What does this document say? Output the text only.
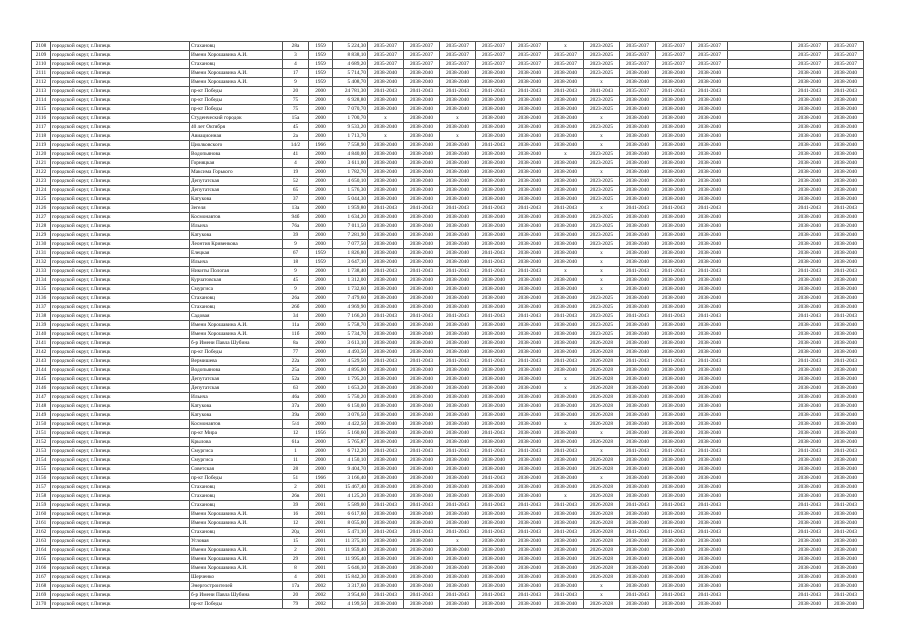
2108	городской округ, г.Липецк	Стахановц	28а	1959	5 224,30	2035-2037	2035-2037	2035-2037	2035-2037	2035-2037	х	2023-2025	2035-2037	2035-2037	2035-2037		2035-2037	2035-2037
2109	городской округ, г.Липецк	Имени Хорошавина А.И.	3	1959	8 838,10	2035-2037	2035-2037	2035-2037	2035-2037	2035-2037	2035-2037	2023-2025	2035-2037	2035-2037	2035-2037		2035-2037	2035-2037
2110	городской округ, г.Липецк	Стахановц	4	1959	4 689,20	2035-2037	2035-2037	2035-2037	2035-2037	2035-2037	2035-2037	2023-2025	2035-2037	2035-2037	2035-2037		2035-2037	2035-2037
2111	городской округ, г.Липецк	Имени Хорошавина А.И.	17	1959	5 714,70	2038-2040	2038-2040	2038-2040	2038-2040	2038-2040	2038-2040	2023-2025	2038-2040	2038-2040	2038-2040		2038-2040	2038-2040
2112	городской округ, г.Липецк	Имени Хорошавина А.И.	9	1959	5 408,70	2038-2040	2038-2040	2038-2040	2038-2040	2038-2040	2038-2040	х	2038-2040	2038-2040	2038-2040		2038-2040	2038-2040
2113	городской округ, г.Липецк	пр-кт Победы	20	2000	24 781,30	2041-2043	2041-2043	2041-2043	2041-2043	2041-2043	2041-2043	2041-2043	2035-2037	2041-2043	2041-2043		2041-2043	2041-2043
2114	городской округ, г.Липецк	пр-кт Победы	75	2000	6 928,80	2038-2040	2038-2040	2038-2040	2038-2040	2038-2040	2038-2040	2023-2025	2038-2040	2038-2040	2038-2040		2038-2040	2038-2040
2115	городской округ, г.Липецк	пр-кт Победы	75	2000	7 070,70	2038-2040	2038-2040	2038-2040	2038-2040	2038-2040	2038-2040	2023-2025	2038-2040	2038-2040	2038-2040		2038-2040	2038-2040
2116	городской округ, г.Липецк	Студенческий городок	15а	2000	1 700,70	х	2038-2040	х	2038-2040	2038-2040	2038-2040	х	2038-2040	2038-2040	2038-2040		2038-2040	2038-2040
2117	городской округ, г.Липецк	40 лет Октября	45	2000	9 533,20	2038-2040	2038-2040	2038-2040	2038-2040	2038-2040	2038-2040	2023-2025	2038-2040	2038-2040	2038-2040		2038-2040	2038-2040
2118	городской округ, г.Липецк	Авиационная	2а	2000	1 713,70	х	2038-2040	х	2038-2040	2038-2040	2038-2040	х	2038-2040	2038-2040	2038-2040		2038-2040	2038-2040
2119	городской округ, г.Липецк	Циолковского	14/2	1966	7 558,90	2038-2040	2038-2040	2038-2040	2041-2043	2038-2040	2038-2040	х	2038-2040	2038-2040	2038-2040		2038-2040	2038-2040
2120	городской округ, г.Липецк	Водопьянова	41	2000	4 840,00	2038-2040	2038-2040	2038-2040	2038-2040	2038-2040	х	2023-2025	2038-2040	2038-2040	2038-2040		2038-2040	2038-2040
2121	городской округ, г.Липецк	Горняцкая	4	2000	3 611,00	2038-2040	2038-2040	2038-2040	2038-2040	2038-2040	2038-2040	2023-2025	2038-2040	2038-2040	2038-2040		2038-2040	2038-2040
2122	городской округ, г.Липецк	Максима Горького	19	2000	1 782,70	2038-2040	2038-2040	2038-2040	2038-2040	2038-2040	2038-2040	х	2038-2040	2038-2040	2038-2040		2038-2040	2038-2040
2123	городской округ, г.Липецк	Депутатская	52	2000	4 650,10	2038-2040	2038-2040	2038-2040	2038-2040	2038-2040	2038-2040	2023-2025	2038-2040	2038-2040	2038-2040		2038-2040	2038-2040
2124	городской округ, г.Липецк	Депутатская	65	2000	1 576,30	2038-2040	2038-2040	2038-2040	2038-2040	2038-2040	2038-2040	2023-2025	2038-2040	2038-2040	2038-2040		2038-2040	2038-2040
2125	городской округ, г.Липецк	Катукова	37	2000	5 044,30	2038-2040	2038-2040	2038-2040	2038-2040	2038-2040	2038-2040	2023-2025	2038-2040	2038-2040	2038-2040		2038-2040	2038-2040
2126	городской округ, г.Липецк	Зегеля	13а	2000	1 959,80	2041-2043	2041-2043	2041-2043	2041-2043	2041-2043	2041-2043	х	2041-2043	2041-2043	2041-2043		2041-2043	2041-2043
2127	городской округ, г.Липецк	Космонавтов	94б	2000	1 634,20	2038-2040	2038-2040	2038-2040	2038-2040	2038-2040	2038-2040	2023-2025	2038-2040	2038-2040	2038-2040		2038-2040	2038-2040
2128	городской округ, г.Липецк	Ильича	76а	2000	7 011,50	2038-2040	2038-2040	2038-2040	2038-2040	2038-2040	2038-2040	2023-2025	2038-2040	2038-2040	2038-2040		2038-2040	2038-2040
2129	городской округ, г.Липецк	Катукова	39	2000	7 281,90	2038-2040	2038-2040	2038-2040	2038-2040	2038-2040	2038-2040	2023-2025	2038-2040	2038-2040	2038-2040		2038-2040	2038-2040
2130	городской округ, г.Липецк	Леонтия Кривенкова	9	2000	7 077,50	2038-2040	2038-2040	2038-2040	2038-2040	2038-2040	2038-2040	2023-2025	2038-2040	2038-2040	2038-2040		2038-2040	2038-2040
2131	городской округ, г.Липецк	Елецкая	67	1959	1 826,80	2038-2040	2038-2040	2038-2040	2041-2043	2038-2040	2038-2040	х	2038-2040	2038-2040	2038-2040		2038-2040	2038-2040
2132	городской округ, г.Липецк	Ильича	18	1959	3 647,10	2038-2040	2038-2040	2038-2040	2041-2043	2038-2040	2038-2040	х	2038-2040	2038-2040	2038-2040		2038-2040	2038-2040
2133	городской округ, г.Липецк	Никиты Пологая	9	2000	1 738,40	2041-2043	2041-2043	2041-2043	2041-2043	2041-2043	х	х	2041-2043	2041-2043	2041-2043		2041-2043	2041-2043
2134	городской округ, г.Липецк	Курчатовская	45	2000	1 312,00	2038-2040	2038-2040	2038-2040	2038-2040	2038-2040	2038-2040	х	2038-2040	2038-2040	2038-2040		2038-2040	2038-2040
2135	городской округ, г.Липецк	Смургиса	9	2000	1 732,60	2038-2040	2038-2040	2038-2040	2038-2040	2038-2040	2038-2040	х	2038-2040	2038-2040	2038-2040		2038-2040	2038-2040
2136	городской округ, г.Липецк	Стахановц	26а	2000	7 479,60	2038-2040	2038-2040	2038-2040	2038-2040	2038-2040	2038-2040	2023-2025	2038-2040	2038-2040	2038-2040		2038-2040	2038-2040
2137	городской округ, г.Липецк	Стахановц	26б	2000	4 969,90	2038-2040	2038-2040	2038-2040	2038-2040	2038-2040	2038-2040	2023-2025	2038-2040	2038-2040	2038-2040		2038-2040	2038-2040
2138	городской округ, г.Липецк	Садовая	34	2000	7 166,20	2041-2043	2041-2043	2041-2043	2041-2043	2041-2043	2041-2043	2023-2025	2041-2043	2041-2043	2041-2043		2041-2043	2041-2043
2139	городской округ, г.Липецк	Имени Хорошавина А.И.	11а	2000	5 758,70	2038-2040	2038-2040	2038-2040	2038-2040	2038-2040	2038-2040	2023-2025	2038-2040	2038-2040	2038-2040		2038-2040	2038-2040
2140	городской округ, г.Липецк	Имени Хорошавина А.И.	11б	2000	5 734,70	2038-2040	2038-2040	2038-2040	2038-2040	2038-2040	2038-2040	2023-2025	2038-2040	2038-2040	2038-2040		2038-2040	2038-2040
2141	городской округ, г.Липецк	б-р Имени Павла Шубина	8а	2000	3 613,10	2038-2040	2038-2040	2038-2040	2038-2040	2038-2040	2038-2040	2026-2028	2038-2040	2038-2040	2038-2040		2038-2040	2038-2040
2142	городской округ, г.Липецк	пр-кт Победы	77	2000	4 493,50	2038-2040	2038-2040	2038-2040	2038-2040	2038-2040	2038-2040	2026-2028	2038-2040	2038-2040	2038-2040		2038-2040	2038-2040
2143	городской округ, г.Липецк	Вермишева	22а	2000	4 529,50	2041-2043	2041-2043	2041-2043	2041-2043	2041-2043	2041-2043	2026-2028	2041-2043	2041-2043	2041-2043		2041-2043	2041-2043
2144	городской округ, г.Липецк	Водопьянова	25а	2000	4 895,00	2038-2040	2038-2040	2038-2040	2038-2040	2038-2040	2038-2040	2026-2028	2038-2040	2038-2040	2038-2040		2038-2040	2038-2040
2145	городской округ, г.Липецк	Депутатская	52а	2000	1 795,20	2038-2040	2038-2040	2038-2040	2038-2040	2038-2040	х	2026-2028	2038-2040	2038-2040	2038-2040		2038-2040	2038-2040
2146	городской округ, г.Липецк	Депутатская	63	2000	1 653,20	2038-2040	2038-2040	2038-2040	2038-2040	2038-2040	х	2026-2028	2038-2040	2038-2040	2038-2040		2038-2040	2038-2040
2147	городской округ, г.Липецк	Ильича	46а	2000	5 750,20	2038-2040	2038-2040	2038-2040	2038-2040	2038-2040	2038-2040	2026-2028	2038-2040	2038-2040	2038-2040		2038-2040	2038-2040
2148	городской округ, г.Липецк	Катукова	37а	2000	6 150,00	2038-2040	2038-2040	2038-2040	2038-2040	2038-2040	2038-2040	2026-2028	2038-2040	2038-2040	2038-2040		2038-2040	2038-2040
2149	городской округ, г.Липецк	Катукова	39а	2000	3 076,50	2038-2040	2038-2040	2038-2040	2038-2040	2038-2040	2038-2040	2026-2028	2038-2040	2038-2040	2038-2040		2038-2040	2038-2040
2150	городской округ, г.Липецк	Космонавтов	5/4	2000	4 422,50	2038-2040	2038-2040	2038-2040	2038-2040	2038-2040	х	2026-2028	2038-2040	2038-2040	2038-2040		2038-2040	2038-2040
2151	городской округ, г.Липецк	пр-кт Мира	12	1956	5 160,60	2038-2040	2038-2040	2038-2040	2041-2043	2038-2040	2038-2040	х	2038-2040	2038-2040	2038-2040		2038-2040	2038-2040
2152	городской округ, г.Липецк	Крылова	61а	2000	5 765,87	2038-2040	2038-2040	2038-2040	2038-2040	2038-2040	2038-2040	2026-2028	2038-2040	2038-2040	2038-2040		2038-2040	2038-2040
2153	городской округ, г.Липецк	Смургиса	1	2000	6 712,20	2041-2043	2041-2043	2041-2043	2041-2043	2041-2043	2041-2043	х	2041-2043	2041-2043	2041-2043		2041-2043	2041-2043
2154	городской округ, г.Липецк	Смургиса	11	2000	4 150,10	2038-2040	2038-2040	2038-2040	2038-2040	2038-2040	2038-2040	2026-2028	2038-2040	2038-2040	2038-2040		2038-2040	2038-2040
2155	городской округ, г.Липецк	Советская	28	2000	9 404,70	2038-2040	2038-2040	2038-2040	2038-2040	2038-2040	2038-2040	2026-2028	2038-2040	2038-2040	2038-2040		2038-2040	2038-2040
2156	городской округ, г.Липецк	пр-кт Победы	51	1966	3 166,40	2038-2040	2038-2040	2038-2040	2041-2043	2038-2040	2038-2040	х	2038-2040	2038-2040	2038-2040		2038-2040	2038-2040
2157	городской округ, г.Липецк	Стахановц	2	2001	15 467,40	2038-2040	2038-2040	2038-2040	2038-2040	2038-2040	2038-2040	2026-2028	2038-2040	2038-2040	2038-2040		2038-2040	2038-2040
2158	городской округ, г.Липецк	Стахановц	26в	2001	4 125,20	2038-2040	2038-2040	2038-2040	2038-2040	2038-2040	х	2026-2028	2038-2040	2038-2040	2038-2040		2038-2040	2038-2040
2159	городской округ, г.Липецк	Стахановц	39	2001	5 589,00	2041-2043	2041-2043	2041-2043	2041-2043	2041-2043	2041-2043	2026-2028	2041-2043	2041-2043	2041-2043		2041-2043	2041-2043
2160	городской округ, г.Липецк	Имени Хорошавина А.И.	16	2001	6 617,60	2038-2040	2038-2040	2038-2040	2038-2040	2038-2040	2038-2040	2026-2028	2038-2040	2038-2040	2038-2040		2038-2040	2038-2040
2161	городской округ, г.Липецк	Имени Хорошавина А.И.	12	2001	8 055,00	2038-2040	2038-2040	2038-2040	2038-2040	2038-2040	2038-2040	2026-2028	2038-2040	2038-2040	2038-2040		2038-2040	2038-2040
2162	городской округ, г.Липецк	Стахановц	20д	2001	5 471,10	2041-2043	2041-2043	2041-2043	2041-2043	2041-2043	2041-2043	2026-2028	2041-2043	2041-2043	2041-2043		2041-2043	2041-2043
2163	городской округ, г.Липецк	Угловая	15	2001	11 375,10	2038-2040	2038-2040	х	2038-2040	2038-2040	2038-2040	2026-2028	2038-2040	2038-2040	2038-2040		2038-2040	2038-2040
2164	городской округ, г.Липецк	Имени Хорошавина А.И.	2	2001	11 959,40	2038-2040	2038-2040	2038-2040	2038-2040	2038-2040	2038-2040	2026-2028	2038-2040	2038-2040	2038-2040		2038-2040	2038-2040
2165	городской округ, г.Липецк	Имени Хорошавина А.И.	29	2001	11 995,40	2038-2040	2038-2040	2038-2040	2038-2040	2038-2040	2038-2040	2026-2028	2038-2040	2038-2040	2038-2040		2038-2040	2038-2040
2166	городской округ, г.Липецк	Имени Хорошавина А.И.	8	2001	5 646,10	2038-2040	2038-2040	2038-2040	2038-2040	2038-2040	2038-2040	2026-2028	2038-2040	2038-2040	2038-2040		2038-2040	2038-2040
2167	городской округ, г.Липецк	Шерченко	4	2001	15 842,30	2038-2040	2038-2040	2038-2040	2038-2040	2038-2040	2038-2040	2026-2028	2038-2040	2038-2040	2038-2040		2038-2040	2038-2040
2168	городской округ, г.Липецк	Энергостроителей	17а	2002	3 317,60	2038-2040	2038-2040	2038-2040	2038-2040	2038-2040	2038-2040	х	2038-2040	2038-2040	2038-2040		2038-2040	2038-2040
2169	городской округ, г.Липецк	б-р Имени Павла Шубина	20	2002	3 954,60	2041-2043	2041-2043	2041-2043	2041-2043	2041-2043	2041-2043	х	2041-2043	2041-2043	2041-2043		2041-2043	2041-2043
2170	городской округ, г.Липецк	пр-кт Победы	79	2002	4 199,50	2038-2040	2038-2040	2038-2040	2038-2040	2038-2040	2038-2040	2026-2028	2038-2040	2038-2040	2038-2040		2038-2040	2038-2040
